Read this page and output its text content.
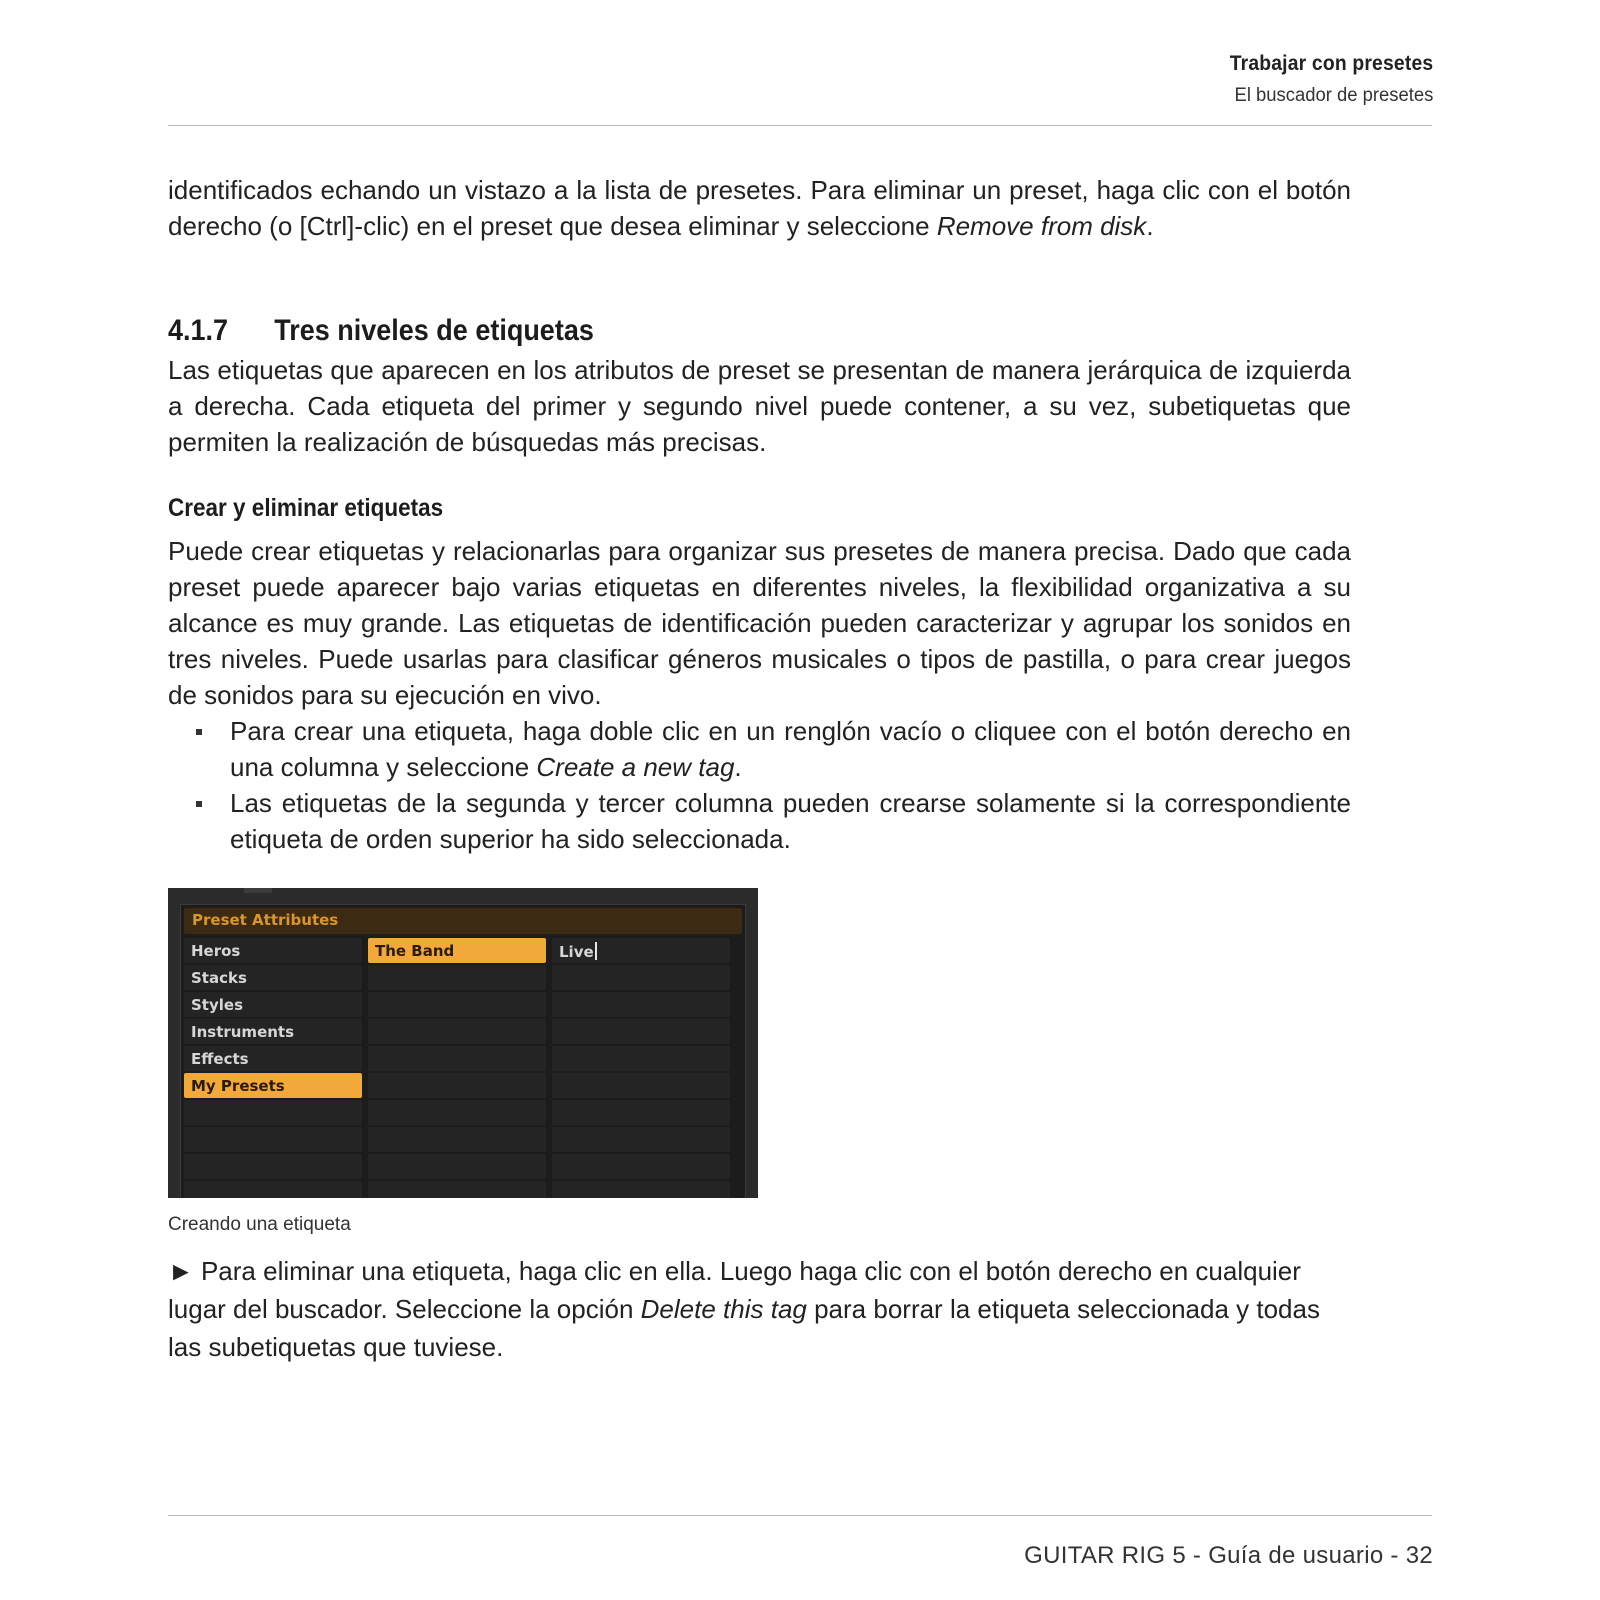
Trabajar con presetes
El buscador de presetes

identificados echando un vistazo a la lista de presetes. Para eliminar un preset, haga clic con el botón derecho (o [Ctrl]-clic) en el preset que desea eliminar y seleccione Remove from disk.

4.1.7 Tres niveles de etiquetas

Las etiquetas que aparecen en los atributos de preset se presentan de manera jerárquica de izquierda a derecha. Cada etiqueta del primer y segundo nivel puede contener, a su vez, subetiquetas que permiten la realización de búsquedas más precisas.

Crear y eliminar etiquetas

Puede crear etiquetas y relacionarlas para organizar sus presetes de manera precisa. Dado que cada preset puede aparecer bajo varias etiquetas en diferentes niveles, la flexibilidad organizativa a su alcance es muy grande. Las etiquetas de identificación pueden caracterizar y agrupar los sonidos en tres niveles. Puede usarlas para clasificar géneros musicales o tipos de pastilla, o para crear juegos de sonidos para su ejecución en vivo.

Para crear una etiqueta, haga doble clic en un renglón vacío o cliquee con el botón derecho en una columna y seleccione Create a new tag.
Las etiquetas de la segunda y tercer columna pueden crearse solamente si la correspondiente etiqueta de orden superior ha sido seleccionada.
Preset Attributes
Heros
Stacks
Styles
Instruments
Effects
My Presets
The Band	Live
Creando una etiqueta

► Para eliminar una etiqueta, haga clic en ella. Luego haga clic con el botón derecho en cualquier lugar del buscador. Seleccione la opción Delete this tag para borrar la etiqueta seleccionada y todas las subetiquetas que tuviese.

GUITAR RIG 5 - Guía de usuario - 32
